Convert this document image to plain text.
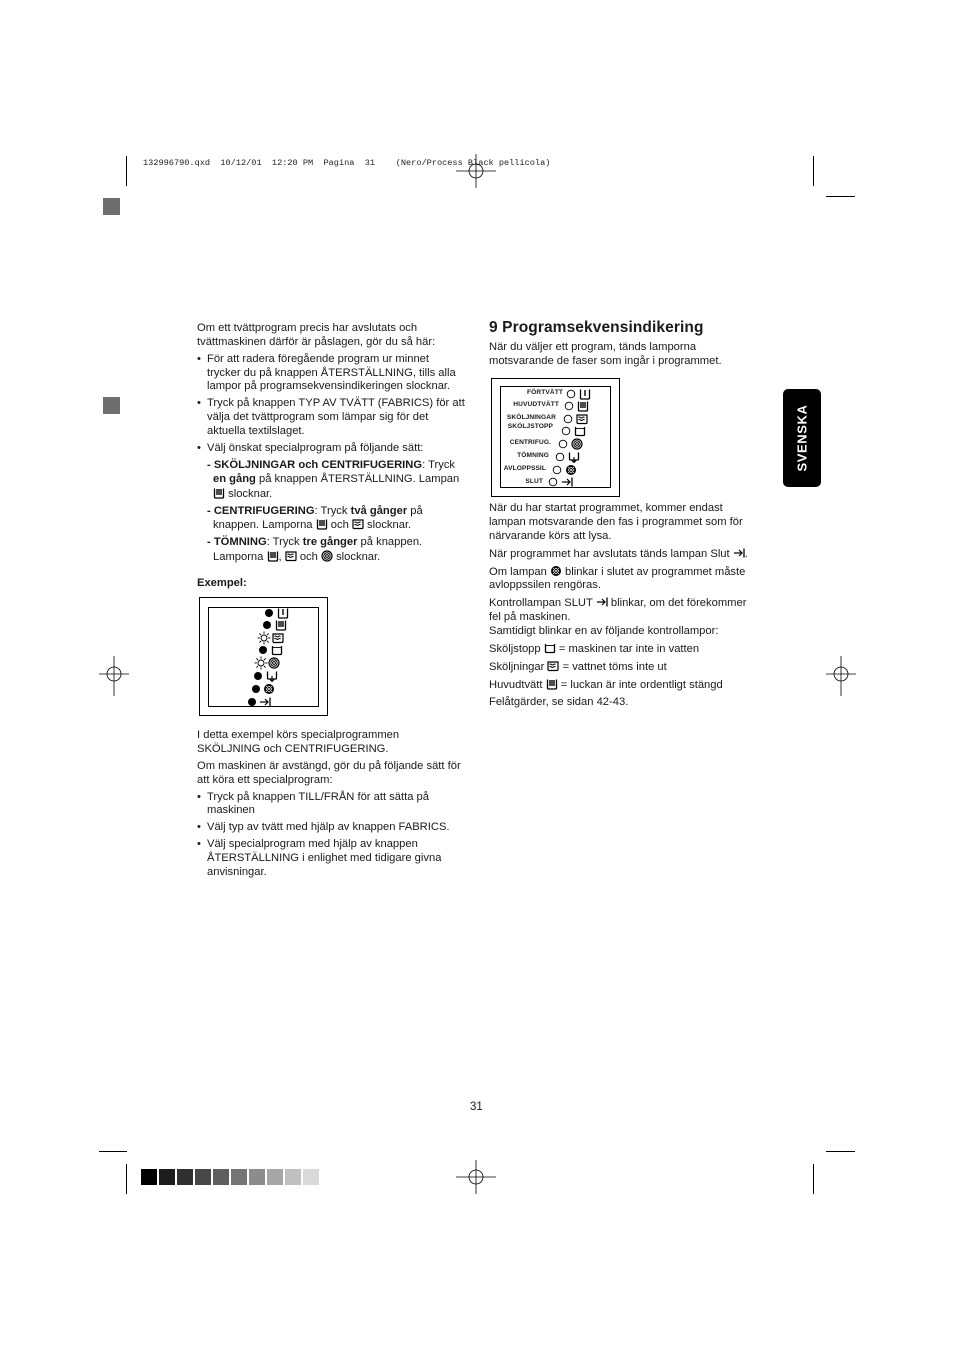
132996790.qxd  10/12/01  12:20 PM  Pagina  31    (Nero/Process Black pellicola)
SVENSKA

Om ett tvättprogram precis har avslutats och tvättmaskinen därför är påslagen, gör du så här:

• För att radera föregående program ur minnet trycker du på knappen ÅTERSTÄLLNING, tills alla lampor på programsekvensindikeringen slocknar.
• Tryck på knappen TYP AV TVÄTT (FABRICS) för att välja det tvättprogram som lämpar sig för det aktuella textilslaget.
• Välj önskat specialprogram på följande sätt:

- SKÖLJNINGAR och CENTRIFUGERING: Tryck en gång på knappen ÅTERSTÄLLNING. Lampan  slocknar.

- CENTRIFUGERING: Tryck två gånger på knappen. Lamporna  och  slocknar.

- TÖMNING: Tryck tre gånger på knappen. Lamporna ,  och  slocknar.

Exempel:

I detta exempel körs specialprogrammen SKÖLJNING och CENTRIFUGERING.

Om maskinen är avstängd, gör du på följande sätt för att köra ett specialprogram:

• Tryck på knappen TILL/FRÅN för att sätta på maskinen
• Välj typ av tvätt med hjälp av knappen FABRICS.
• Välj specialprogram med hjälp av knappen ÅTERSTÄLLNING i enlighet med tidigare givna anvisningar.
9 Programsekvensindikering

När du väljer ett program, tänds lamporna motsvarande de faser som ingår i programmet.

FÖRTVÄTT
HUVUDTVÄTT
SKÖLJNINGAR
SKÖLJSTOPP
CENTRIFUG.
TÖMNING
AVLOPPSSIL
SLUT

När du har startat programmet, kommer endast lampan motsvarande den fas i programmet som för närvarande körs att lysa.

När programmet har avslutats tänds lampan Slut .

Om lampan  blinkar i slutet av programmet måste avloppssilen rengöras.

Kontrollampan SLUT  blinkar, om det förekommer fel på maskinen.

Samtidigt blinkar en av följande kontrollampor:

Sköljstopp  = maskinen tar inte in vatten

Sköljningar  = vattnet töms inte ut

Huvudtvätt  = luckan är inte ordentligt stängd

Felåtgärder, se sidan 42-43.

31
